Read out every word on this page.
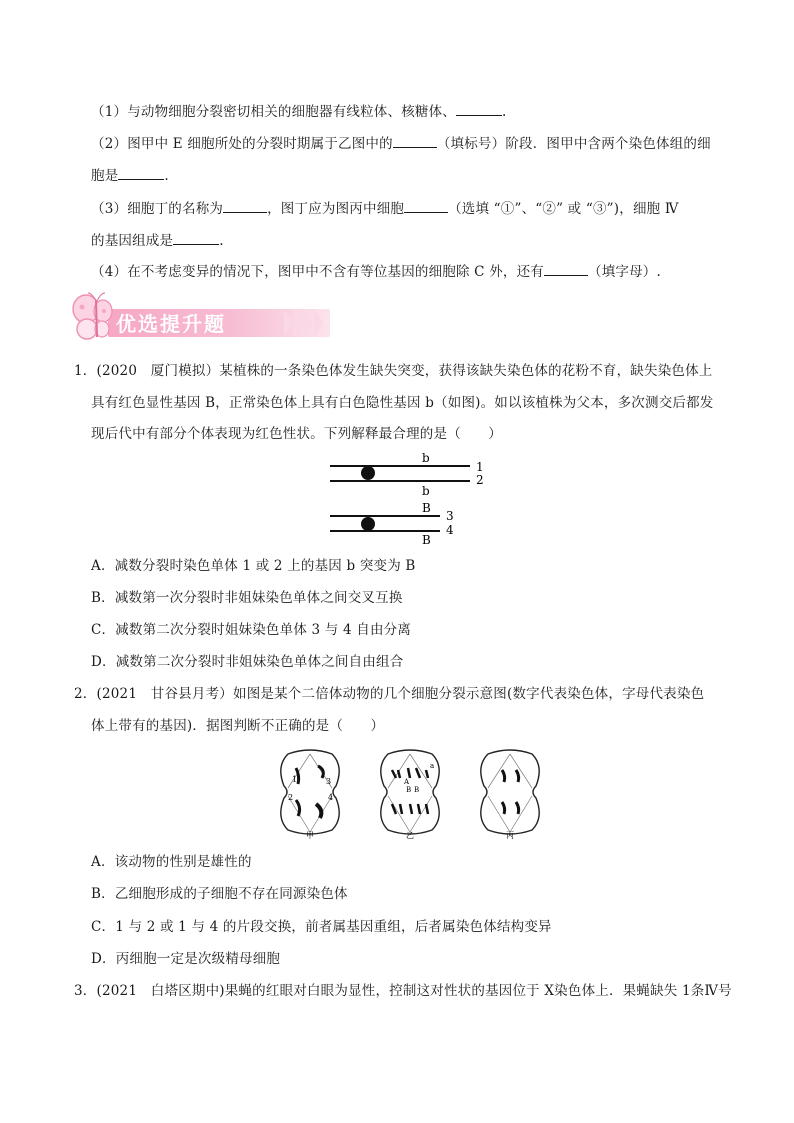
（1）与动物细胞分裂密切相关的细胞器有线粒体、核糖体、	.
（2）图甲中 E 细胞所处的分裂时期属于乙图中的	（填标号）阶段．图甲中含两个染色体组的细
胞是	.
（3）细胞丁的名称为	，图丁应为图丙中细胞	（选填 “①”、“②” 或 “③”)，细胞 Ⅳ
的基因组成是	.
（4）在不考虑变异的情况下，图甲中不含有等位基因的细胞除 C 外，还有	（填字母）.
优选提升题
1．(2020　厦门模拟）某植株的一条染色体发生缺失突变，获得该缺失染色体的花粉不育，缺失染色体上
具有红色显性基因 B，正常染色体上具有白色隐性基因 b（如图)。如以该植株为父本，多次测交后都发
现后代中有部分个体表现为红色性状。下列解释最合理的是（　　）
b
b
1
2
B
B
3
4
A．减数分裂时染色单体 1 或 2 上的基因 b 突变为 B
B．减数第一次分裂时非姐妹染色单体之间交叉互换
C．减数第二次分裂时姐妹染色单体 3 与 4 自由分离
D．减数第二次分裂时非姐妹染色单体之间自由组合
2．(2021　甘谷县月考）如图是某个二倍体动物的几个细胞分裂示意图(数字代表染色体，字母代表染色
体上带有的基因)．据图判断不正确的是（　　）
1
2
3
4
甲
A
a
B B
乙	丙
A．该动物的性别是雄性的
B．乙细胞形成的子细胞不存在同源染色体
C．1 与 2 或 1 与 4 的片段交换，前者属基因重组，后者属染色体结构变异
D．丙细胞一定是次级精母细胞
3．(2021　白塔区期中)果蝇的红眼对白眼为显性，控制这对性状的基因位于 X染色体上．果蝇缺失 1条Ⅳ号
